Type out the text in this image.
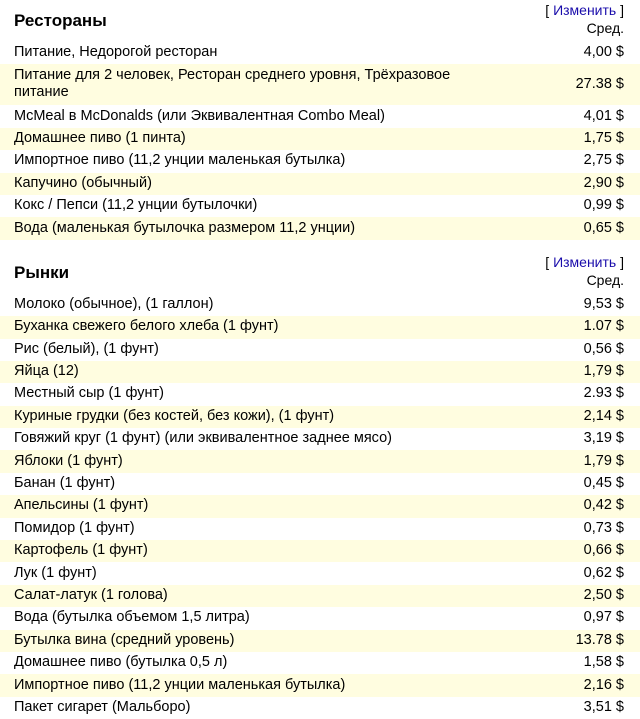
Рестораны
[ Изменить ]
Сред.
Питание, Недорогой ресторан	4,00 $
Питание для 2 человек, Ресторан среднего уровня, Трёхразовое питание	27.38 $
McMeal в McDonalds (или Эквивалентная Combo Meal)	4,01 $
Домашнее пиво (1 пинта)	1,75 $
Импортное пиво (11,2 унции маленькая бутылка)	2,75 $
Капучино (обычный)	2,90 $
Кокс / Пепси (11,2 унции бутылочки)	0,99 $
Вода (маленькая бутылочка размером 11,2 унции)	0,65 $
Рынки
[ Изменить ]
Сред.
Молоко (обычное), (1 галлон)	9,53 $
Буханка свежего белого хлеба (1 фунт)	1.07 $
Рис (белый), (1 фунт)	0,56 $
Яйца (12)	1,79 $
Местный сыр (1 фунт)	2.93 $
Куриные грудки (без костей, без кожи), (1 фунт)	2,14 $
Говяжий круг (1 фунт) (или эквивалентное заднее мясо)	3,19 $
Яблоки (1 фунт)	1,79 $
Банан (1 фунт)	0,45 $
Апельсины (1 фунт)	0,42 $
Помидор (1 фунт)	0,73 $
Картофель (1 фунт)	0,66 $
Лук (1 фунт)	0,62 $
Салат-латук (1 голова)	2,50 $
Вода (бутылка объемом 1,5 литра)	0,97 $
Бутылка вина (средний уровень)	13.78 $
Домашнее пиво (бутылка 0,5 л)	1,58 $
Импортное пиво (11,2 унции маленькая бутылка)	2,16 $
Пакет сигарет (Мальборо)	3,51 $
